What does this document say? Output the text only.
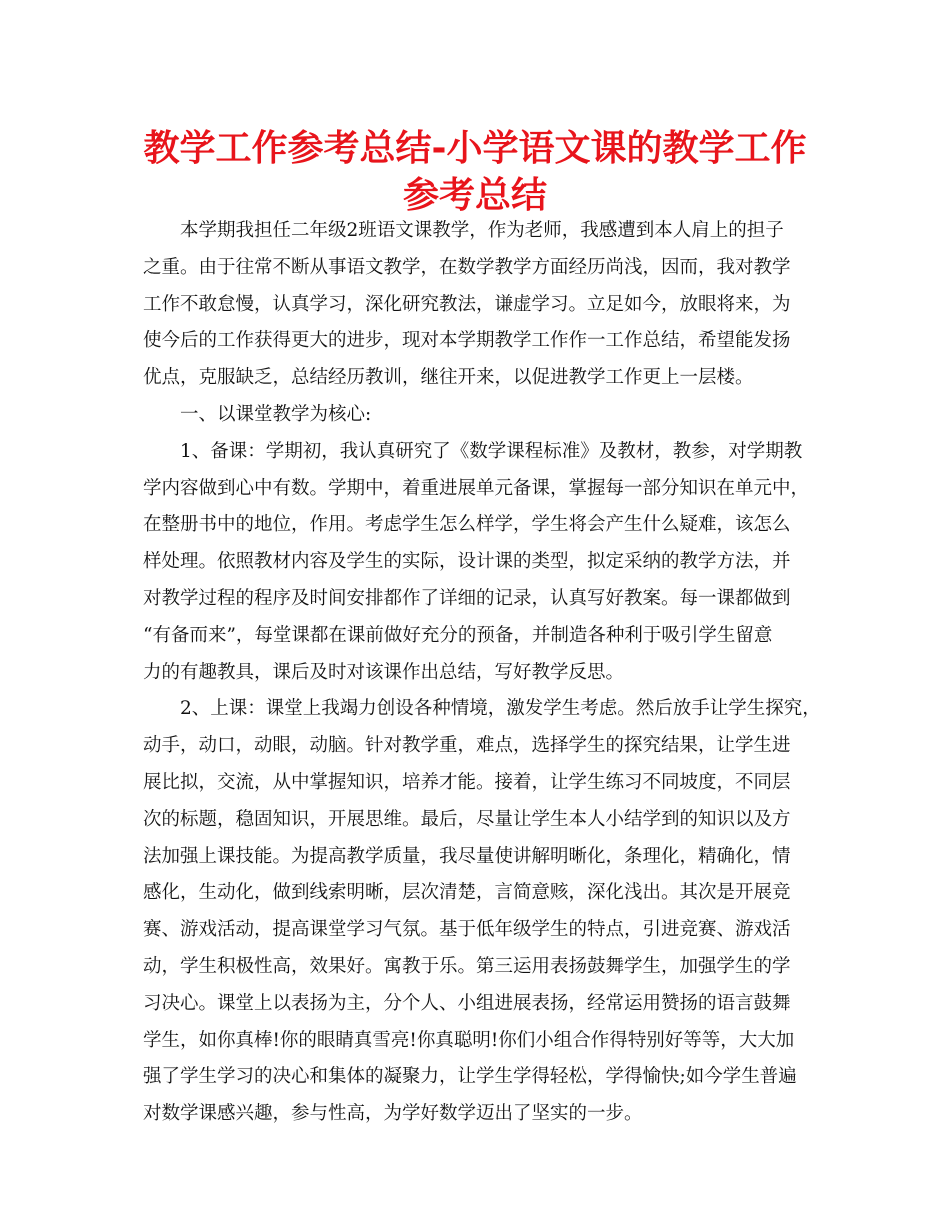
教学工作参考总结-小学语文课的教学工作参考总结
本学期我担任二年级2班语文课教学，作为老师，我感遭到本人肩上的担子
之重。由于往常不断从事语文教学，在数学教学方面经历尚浅，因而，我对教学
工作不敢怠慢，认真学习，深化研究教法，谦虚学习。立足如今，放眼将来，为
使今后的工作获得更大的进步，现对本学期教学工作作一工作总结，希望能发扬
优点，克服缺乏，总结经历教训，继往开来，以促进教学工作更上一层楼。
一、以课堂教学为核心:
1、备课：学期初，我认真研究了《数学课程标准》及教材，教参，对学期教
学内容做到心中有数。学期中，着重进展单元备课，掌握每一部分知识在单元中，
在整册书中的地位，作用。考虑学生怎么样学，学生将会产生什么疑难，该怎么
样处理。依照教材内容及学生的实际，设计课的类型，拟定采纳的教学方法，并
对教学过程的程序及时间安排都作了详细的记录，认真写好教案。每一课都做到
“有备而来”，每堂课都在课前做好充分的预备，并制造各种利于吸引学生留意
力的有趣教具，课后及时对该课作出总结，写好教学反思。
2、上课：课堂上我竭力创设各种情境，激发学生考虑。然后放手让学生探究，
动手，动口，动眼，动脑。针对教学重，难点，选择学生的探究结果，让学生进
展比拟，交流，从中掌握知识，培养才能。接着，让学生练习不同坡度，不同层
次的标题，稳固知识，开展思维。最后，尽量让学生本人小结学到的知识以及方
法加强上课技能。为提高教学质量，我尽量使讲解明晰化，条理化，精确化，情
感化，生动化，做到线索明晰，层次清楚，言简意赅，深化浅出。其次是开展竞
赛、游戏活动，提高课堂学习气氛。基于低年级学生的特点，引进竞赛、游戏活
动，学生积极性高，效果好。寓教于乐。第三运用表扬鼓舞学生，加强学生的学
习决心。课堂上以表扬为主，分个人、小组进展表扬，经常运用赞扬的语言鼓舞
学生，如你真棒!你的眼睛真雪亮!你真聪明!你们小组合作得特别好等等，大大加
强了学生学习的决心和集体的凝聚力，让学生学得轻松，学得愉快;如今学生普遍
对数学课感兴趣，参与性高，为学好数学迈出了坚实的一步。
